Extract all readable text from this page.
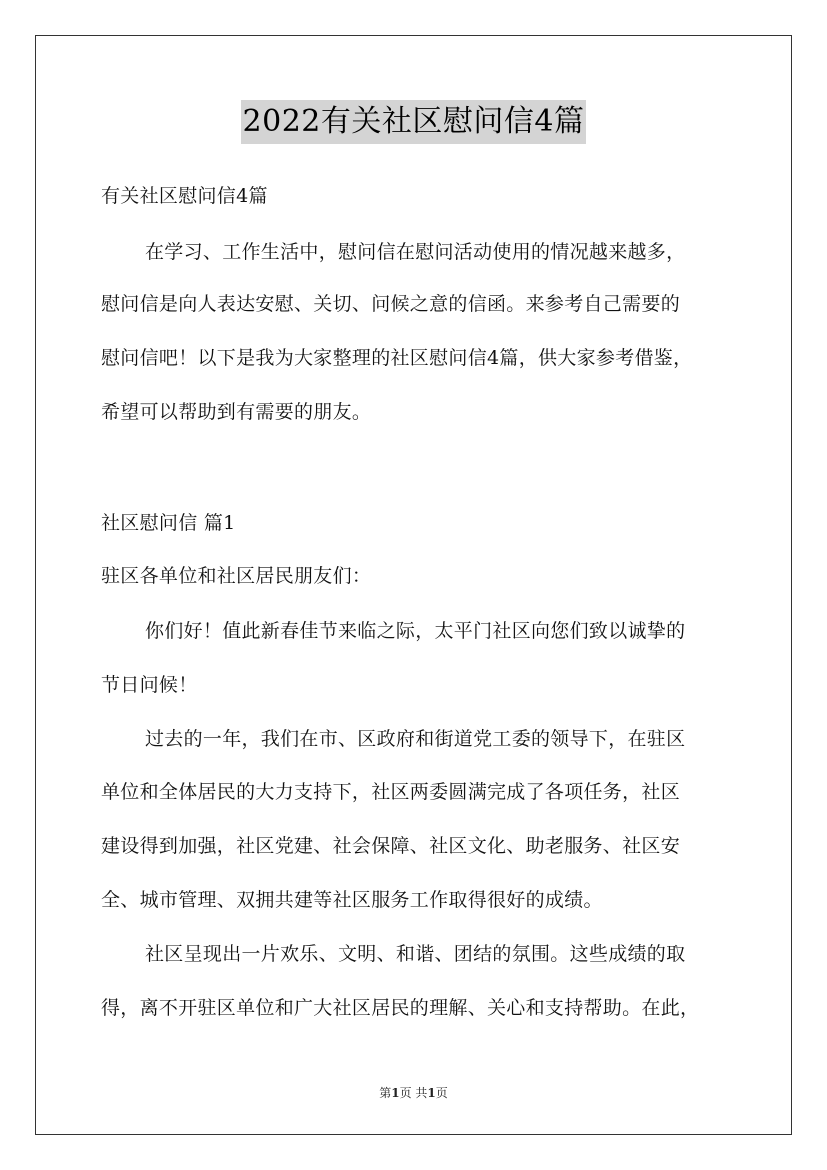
2022有关社区慰问信4篇
有关社区慰问信4篇
在学习、工作生活中，慰问信在慰问活动使用的情况越来越多，
慰问信是向人表达安慰、关切、问候之意的信函。来参考自己需要的
慰问信吧！以下是我为大家整理的社区慰问信4篇，供大家参考借鉴，
希望可以帮助到有需要的朋友。
社区慰问信 篇1
驻区各单位和社区居民朋友们：
你们好！值此新春佳节来临之际，太平门社区向您们致以诚挚的
节日问候！
过去的一年，我们在市、区政府和街道党工委的领导下，在驻区
单位和全体居民的大力支持下，社区两委圆满完成了各项任务，社区
建设得到加强，社区党建、社会保障、社区文化、助老服务、社区安
全、城市管理、双拥共建等社区服务工作取得很好的成绩。
社区呈现出一片欢乐、文明、和谐、团结的氛围。这些成绩的取
得，离不开驻区单位和广大社区居民的理解、关心和支持帮助。在此，
第1页 共1页
